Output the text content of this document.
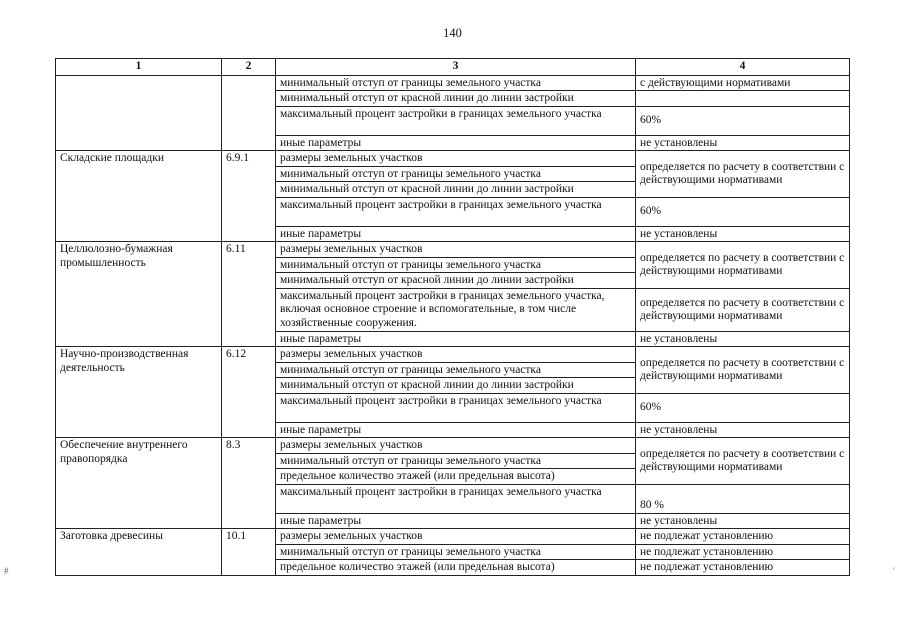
140
1	2	3	4
		минимальный отступ от границы земельного участка	с действующими нормативами
		минимальный отступ от красной линии до линии застройки	
		максимальный процент застройки в границах земельного участка	60%
		иные параметры	не установлены
Складские площадки	6.9.1	размеры земельных участков	определяется по расчету в соответствии с действующими нормативами
		минимальный отступ от границы земельного участка	
		минимальный отступ от красной линии до линии застройки	
		максимальный процент застройки в границах земельного участка	60%
		иные параметры	не установлены
Целлюлозно-бумажная промышленность	6.11	размеры земельных участков	определяется по расчету в соответствии с действующими нормативами
		минимальный отступ от границы земельного участка	
		минимальный отступ от красной линии до линии застройки	
		максимальный процент застройки в границах земельного участка, включая основное строение и вспомогательные, в том числе хозяйственные сооружения.	определяется по расчету в соответствии с действующими нормативами
		иные параметры	не установлены
Научно-производственная деятельность	6.12	размеры земельных участков	определяется по расчету в соответствии с действующими нормативами
		минимальный отступ от границы земельного участка	
		минимальный отступ от красной линии до линии застройки	
		максимальный процент застройки в границах земельного участка	60%
		иные параметры	не установлены
Обеспечение внутреннего правопорядка	8.3	размеры земельных участков	определяется по расчету в соответствии с действующими нормативами
		минимальный отступ от границы земельного участка	
		предельное количество этажей (или предельная высота)	
		максимальный процент застройки в границах земельного участка	80 %
		иные параметры	не установлены
Заготовка древесины	10.1	размеры земельных участков	не подлежат установлению
		минимальный отступ от границы земельного участка	не подлежат установлению
		предельное количество этажей (или предельная высота)	не подлежат установлению
#	'
